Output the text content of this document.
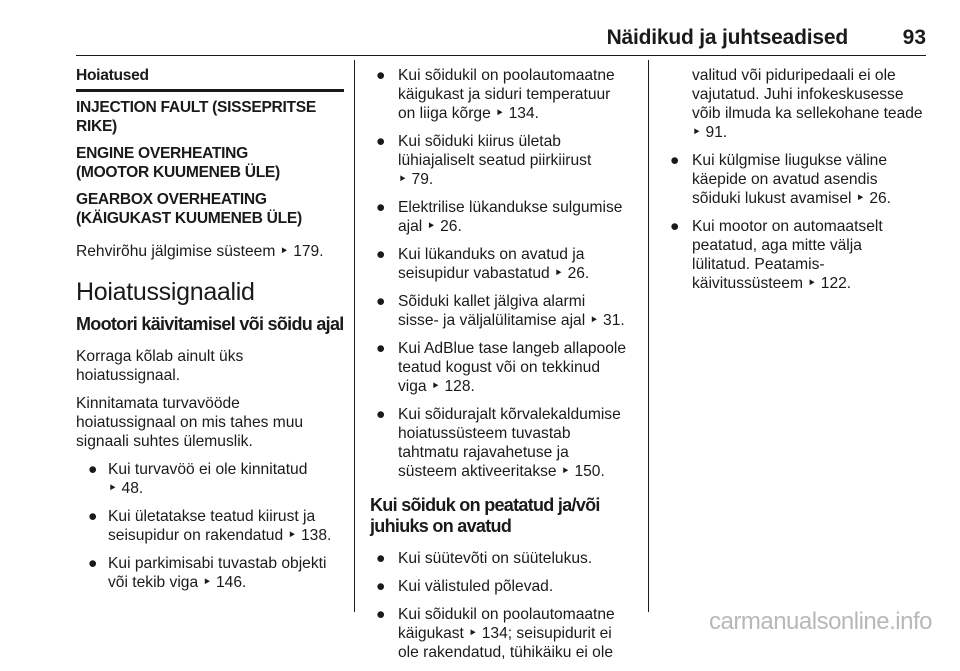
Näidikud ja juhtseadised	93
Hoiatused
INJECTION FAULT (SISSEPRITSE
RIKE)
ENGINE OVERHEATING
(MOOTOR KUUMENEB ÜLE)
GEARBOX OVERHEATING
(KÄIGUKAST KUUMENEB ÜLE)

Rehvirõhu jälgimise süsteem ‣ 179.

Hoiatussignaalid
Mootori käivitamisel või sõidu ajal

Korraga kõlab ainult üks
hoiatussignaal.

Kinnitamata turvavööde
hoiatussignaal on mis tahes muu
signaali suhtes ülemuslik.

● Kui turvavöö ei ole kinnitatud
‣ 48.
● Kui ületatakse teatud kiirust ja
seisupidur on rakendatud ‣ 138.
● Kui parkimisabi tuvastab objekti
või tekib viga ‣ 146.
● Kui sõidukil on poolautomaatne
käigukast ja siduri temperatuur
on liiga kõrge ‣ 134.
● Kui sõiduki kiirus ületab
lühiajaliselt seatud piirkiirust
‣ 79.
● Elektrilise lükandukse sulgumise
ajal ‣ 26.
● Kui lükanduks on avatud ja
seisupidur vabastatud ‣ 26.
● Sõiduki kallet jälgiva alarmi
sisse- ja väljalülitamise ajal ‣ 31.
● Kui AdBlue tase langeb allapoole
teatud kogust või on tekkinud
viga ‣ 128.
● Kui sõidurajalt kõrvalekaldumise
hoiatussüsteem tuvastab
tahtmatu rajavahetuse ja
süsteem aktiveeritakse ‣ 150.
Kui sõiduk on peatatud ja/või
juhiuks on avatud
● Kui süütevõti on süütelukus.
● Kui välistuled põlevad.
● Kui sõidukil on poolautomaatne
käigukast ‣ 134; seisupidurit ei
ole rakendatud, tühikäiku ei ole
valitud või piduripedaali ei ole
vajutatud. Juhi infokeskusesse
võib ilmuda ka sellekohane teade
‣ 91.
● Kui külgmise liugukse väline
käepide on avatud asendis
sõiduki lukust avamisel ‣ 26.
● Kui mootor on automaatselt
peatatud, aga mitte välja
lülitatud. Peatamis-
käivitussüsteem ‣ 122.
carmanualsonline.info
